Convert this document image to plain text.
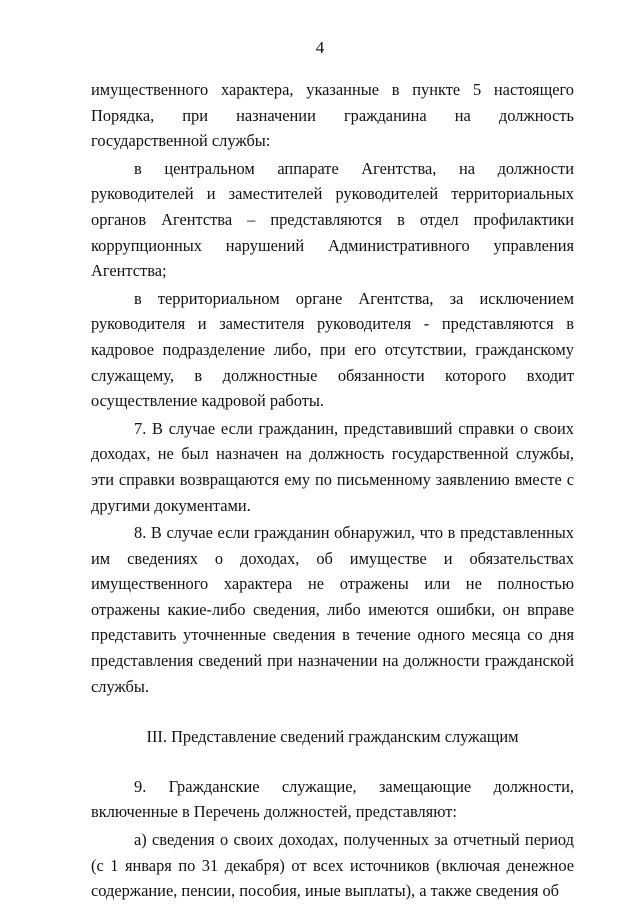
4

имущественного характера, указанные в пункте 5 настоящего Порядка, при назначении гражданина на должность государственной службы:

в центральном аппарате Агентства, на должности руководителей и заместителей руководителей территориальных органов Агентства – представляются в отдел профилактики коррупционных нарушений Административного управления Агентства;

в территориальном органе Агентства, за исключением руководителя и заместителя руководителя - представляются в кадровое подразделение либо, при его отсутствии, гражданскому служащему, в должностные обязанности которого входит осуществление кадровой работы.

7. В случае если гражданин, представивший справки о своих доходах, не был назначен на должность государственной службы, эти справки возвращаются ему по письменному заявлению вместе с другими документами.

8. В случае если гражданин обнаружил, что в представленных им сведениях о доходах, об имуществе и обязательствах имущественного характера не отражены или не полностью отражены какие-либо сведения, либо имеются ошибки, он вправе представить уточненные сведения в течение одного месяца со дня представления сведений при назначении на должности гражданской службы.

III. Представление сведений гражданским служащим

9. Гражданские служащие, замещающие должности, включенные в Перечень должностей, представляют:

а) сведения о своих доходах, полученных за отчетный период (с 1 января по 31 декабря) от всех источников (включая денежное содержание, пенсии, пособия, иные выплаты), а также сведения об
